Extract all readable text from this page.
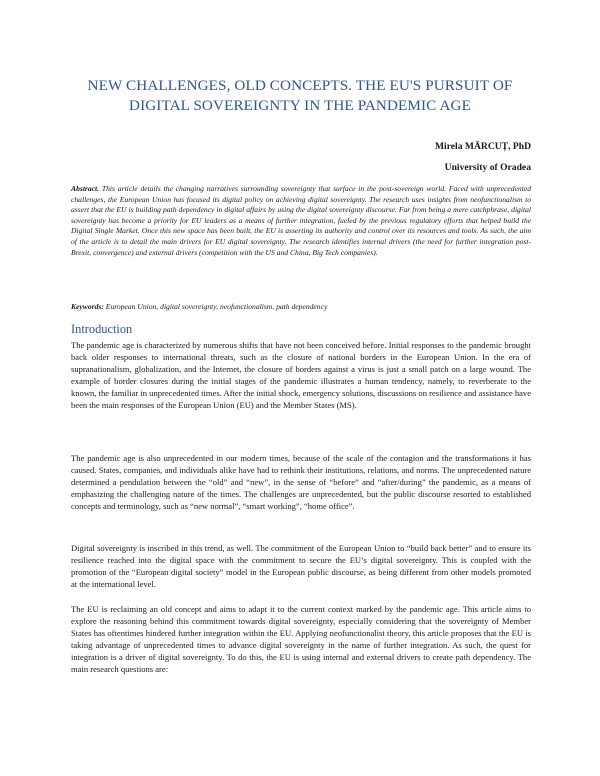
NEW CHALLENGES, OLD CONCEPTS. THE EU'S PURSUIT OF DIGITAL SOVEREIGNTY IN THE PANDEMIC AGE
Mirela MĂRCUȚ, PhD
University of Oradea
Abstract. This article details the changing narratives surrounding sovereignty that surface in the post-sovereign world. Faced with unprecedented challenges, the European Union has focused its digital policy on achieving digital sovereignty. The research uses insights from neofunctionalism to assert that the EU is building path dependency in digital affairs by using the digital sovereignty discourse. Far from being a mere catchphrase, digital sovereignty has become a priority for EU leaders as a means of further integration, fueled by the previous regulatory efforts that helped build the Digital Single Market. Once this new space has been built, the EU is asserting its authority and control over its resources and tools. As such, the aim of the article is to detail the main drivers for EU digital sovereignty. The research identifies internal drivers (the need for further integration post-Brexit, convergence) and external drivers (competition with the US and China, Big Tech companies).
Keywords: European Union, digital sovereignty, neofunctionalism, path dependency
Introduction

The pandemic age is characterized by numerous shifts that have not been conceived before. Initial responses to the pandemic brought back older responses to international threats, such as the closure of national borders in the European Union. In the era of supranationalism, globalization, and the Internet, the closure of borders against a virus is just a small patch on a large wound. The example of border closures during the initial stages of the pandemic illustrates a human tendency, namely, to reverberate to the known, the familiar in unprecedented times. After the initial shock, emergency solutions, discussions on resilience and assistance have been the main responses of the European Union (EU) and the Member States (MS).

The pandemic age is also unprecedented in our modern times, because of the scale of the contagion and the transformations it has caused. States, companies, and individuals alike have had to rethink their institutions, relations, and norms. The unprecedented nature determined a pendulation between the “old” and “new”, in the sense of “before” and “after/during” the pandemic, as a means of emphasizing the challenging nature of the times. The challenges are unprecedented, but the public discourse resorted to established concepts and terminology, such as “new normal”, “smart working”, “home office”.

Digital sovereignty is inscribed in this trend, as well. The commitment of the European Union to “build back better” and to ensure its resilience reached into the digital space with the commitment to secure the EU’s digital sovereignty. This is coupled with the promotion of the “European digital society” model in the European public discourse, as being different from other models promoted at the international level.

The EU is reclaiming an old concept and aims to adapt it to the current context marked by the pandemic age. This article aims to explore the reasoning behind this commitment towards digital sovereignty, especially considering that the sovereignty of Member States has oftentimes hindered further integration within the EU. Applying neofunctionalist theory, this article proposes that the EU is taking advantage of unprecedented times to advance digital sovereignty in the name of further integration. As such, the quest for integration is a driver of digital sovereignty. To do this, the EU is using internal and external drivers to create path dependency. The main research questions are:
